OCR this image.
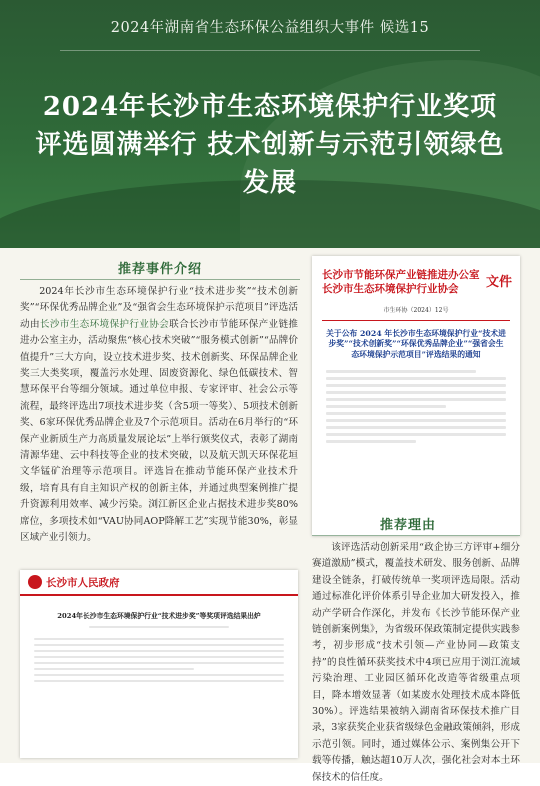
2024年湖南省生态环保公益组织大事件 候选15
2024年长沙市生态环境保护行业奖项评选圆满举行 技术创新与示范引领绿色发展
推荐事件介绍
2024年长沙市生态环境保护行业“技术进步奖”“技术创新奖”“环保优秀品牌企业”及“强省会生态环境保护示范项目”评选活动由长沙市生态环境保护行业协会联合长沙市节能环保产业链推进办公室主办，活动聚焦“核心技术突破”“服务模式创新”“品牌价值提升”三大方向，设立技术进步奖、技术创新奖、环保品牌企业奖三大类奖项，覆盖污水处理、固废资源化、绿色低碳技术、智慧环保平台等细分领域。通过单位申报、专家评审、社会公示等流程，最终评选出7项技术进步奖（含5项一等奖）、5项技术创新奖、6家环保优秀品牌企业及7个示范项目。活动在6月举行的“环保产业新质生产力高质量发展论坛”上举行颁奖仪式，表彰了湖南清源华建、云中科技等企业的技术突破，以及航天凯天环保花垣文华锰矿治理等示范项目。评选旨在推动节能环保产业技术升级，培育具有自主知识产权的创新主体，并通过典型案例推广提升资源利用效率、减少污染。浏江新区企业占据技术进步奖80%席位，多项技术如“VAU协同AOP降解工艺”实现节能30%，彰显区域产业引领力。
长沙市节能环保产业链推进办公室
长沙市生态环境保护行业协会	文件
市生环协（2024）12号
关于公布 2024 年长沙市生态环境保护行业“技术进步奖”“技术创新奖”“环保优秀品牌企业”“强省会生态环境保护示范项目”评选结果的通知
长沙市人民政府
2024年长沙市生态环境保护行业“技术进步奖”等奖项评选结果出炉
推荐理由
该评选活动创新采用“政企协三方评审+细分赛道激励”模式，覆盖技术研发、服务创新、品牌建设全链条，打破传统单一奖项评选局限。活动通过标准化评价体系引导企业加大研发投入，推动产学研合作深化，并发布《长沙节能环保产业链创新案例集》，为省级环保政策制定提供实践参考，初步形成“技术引领—产业协同—政策支持”的良性循环获奖技术中4项已应用于浏江流域污染治理、工业园区循环化改造等省级重点项目，降本增效显著（如某废水处理技术成本降低30%）。评选结果被纳入湖南省环保技术推广目录，3家获奖企业获省级绿色金融政策倾斜，形成示范引领。同时，通过媒体公示、案例集公开下载等传播，触达超10万人次，强化社会对本土环保技术的信任度。
